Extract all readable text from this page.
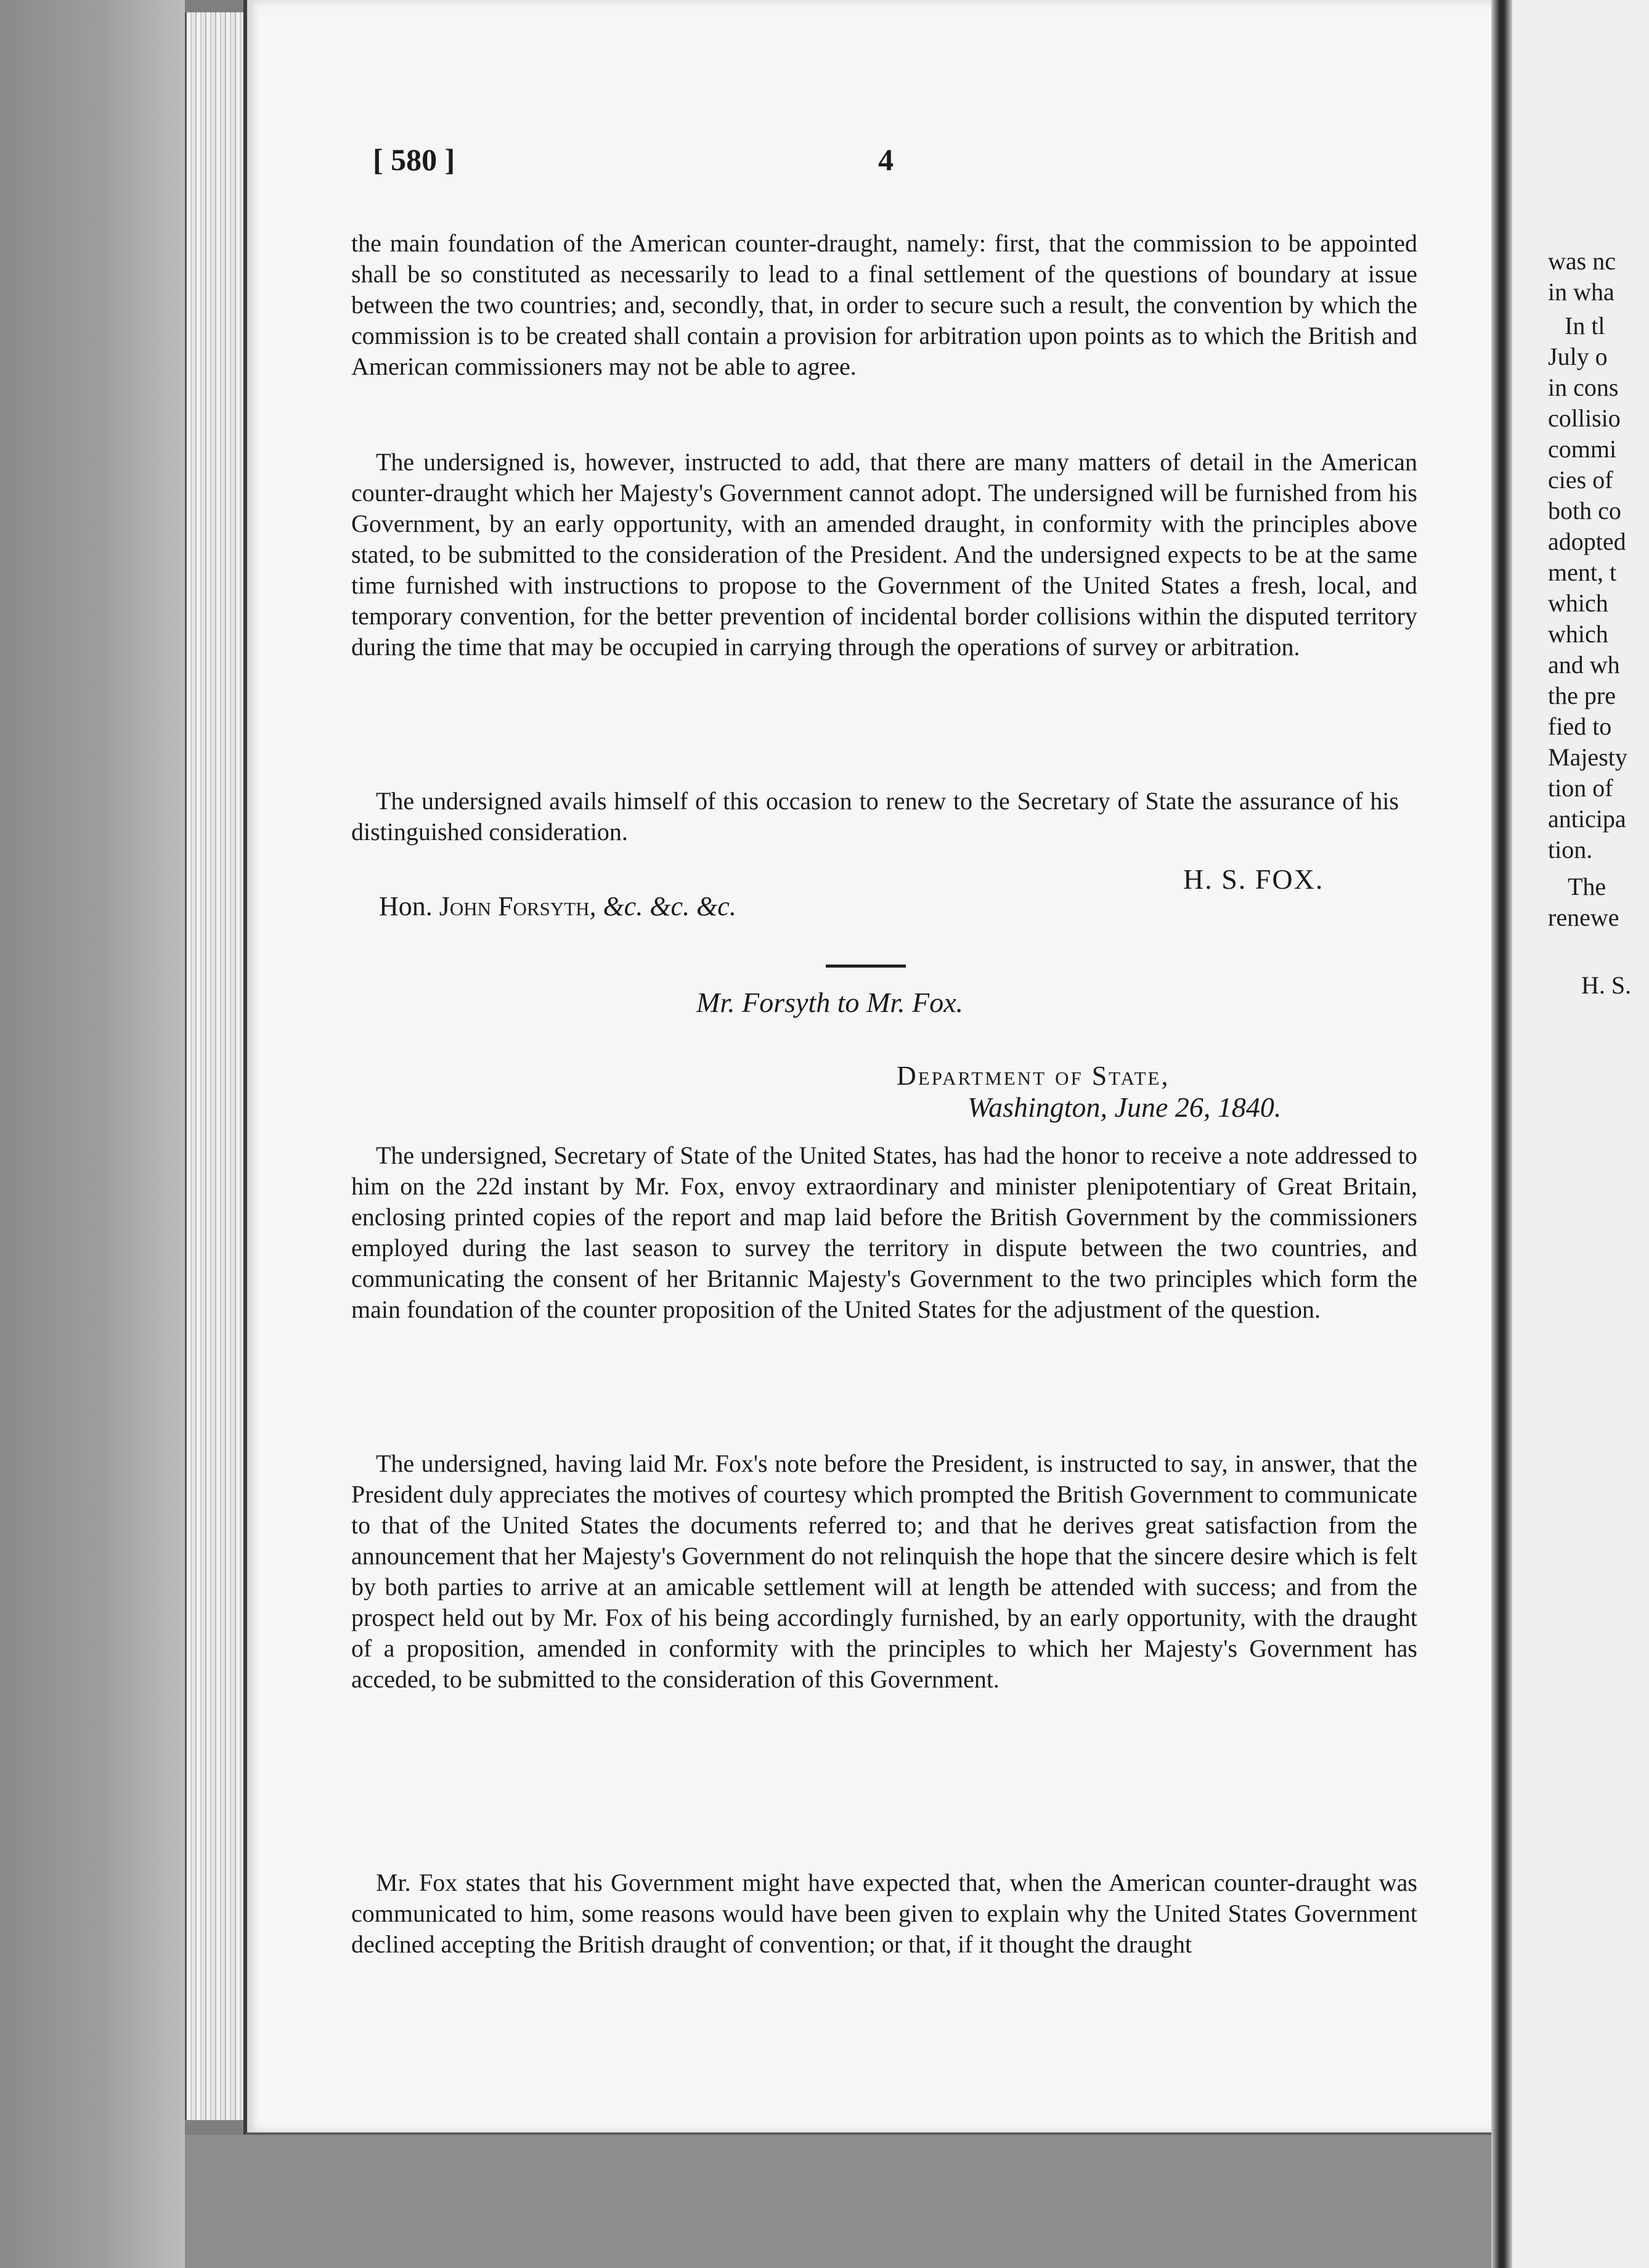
[ 580 ]	4
the main foundation of the American counter-draught, namely: first, that the commission to be appointed shall be so constituted as necessarily to lead to a final settlement of the questions of boundary at issue between the two countries; and, secondly, that, in order to secure such a result, the convention by which the commission is to be created shall contain a provision for arbitration upon points as to which the British and American commissioners may not be able to agree.
The undersigned is, however, instructed to add, that there are many matters of detail in the American counter-draught which her Majesty's Government cannot adopt. The undersigned will be furnished from his Government, by an early opportunity, with an amended draught, in conformity with the principles above stated, to be submitted to the consideration of the President. And the undersigned expects to be at the same time furnished with instructions to propose to the Government of the United States a fresh, local, and temporary convention, for the better prevention of incidental border collisions within the disputed territory during the time that may be occupied in carrying through the operations of survey or arbitration.
The undersigned avails himself of this occasion to renew to the Secretary of State the assurance of his distinguished consideration.
H. S. FOX.
Hon. John Forsyth, &c. &c. &c.
Mr. Forsyth to Mr. Fox.
Department of State,
Washington, June 26, 1840.
The undersigned, Secretary of State of the United States, has had the honor to receive a note addressed to him on the 22d instant by Mr. Fox, envoy extraordinary and minister plenipotentiary of Great Britain, enclosing printed copies of the report and map laid before the British Government by the commissioners employed during the last season to survey the territory in dispute between the two countries, and communicating the consent of her Britannic Majesty's Government to the two principles which form the main foundation of the counter proposition of the United States for the adjustment of the question.
The undersigned, having laid Mr. Fox's note before the President, is instructed to say, in answer, that the President duly appreciates the motives of courtesy which prompted the British Government to communicate to that of the United States the documents referred to; and that he derives great satisfaction from the announcement that her Majesty's Government do not relinquish the hope that the sincere desire which is felt by both parties to arrive at an amicable settlement will at length be attended with success; and from the prospect held out by Mr. Fox of his being accordingly furnished, by an early opportunity, with the draught of a proposition, amended in conformity with the principles to which her Majesty's Government has acceded, to be submitted to the consideration of this Government.
Mr. Fox states that his Government might have expected that, when the American counter-draught was communicated to him, some reasons would have been given to explain why the United States Government declined accepting the British draught of convention; or that, if it thought the draught
was nc
in wha
In tl
July o
in cons
collisio
commi
cies of
both co
adopted
ment, t
which
which
and wh
the pre
fied to
Majesty
tion of
anticipa
tion.
The
renewe
H. S.
